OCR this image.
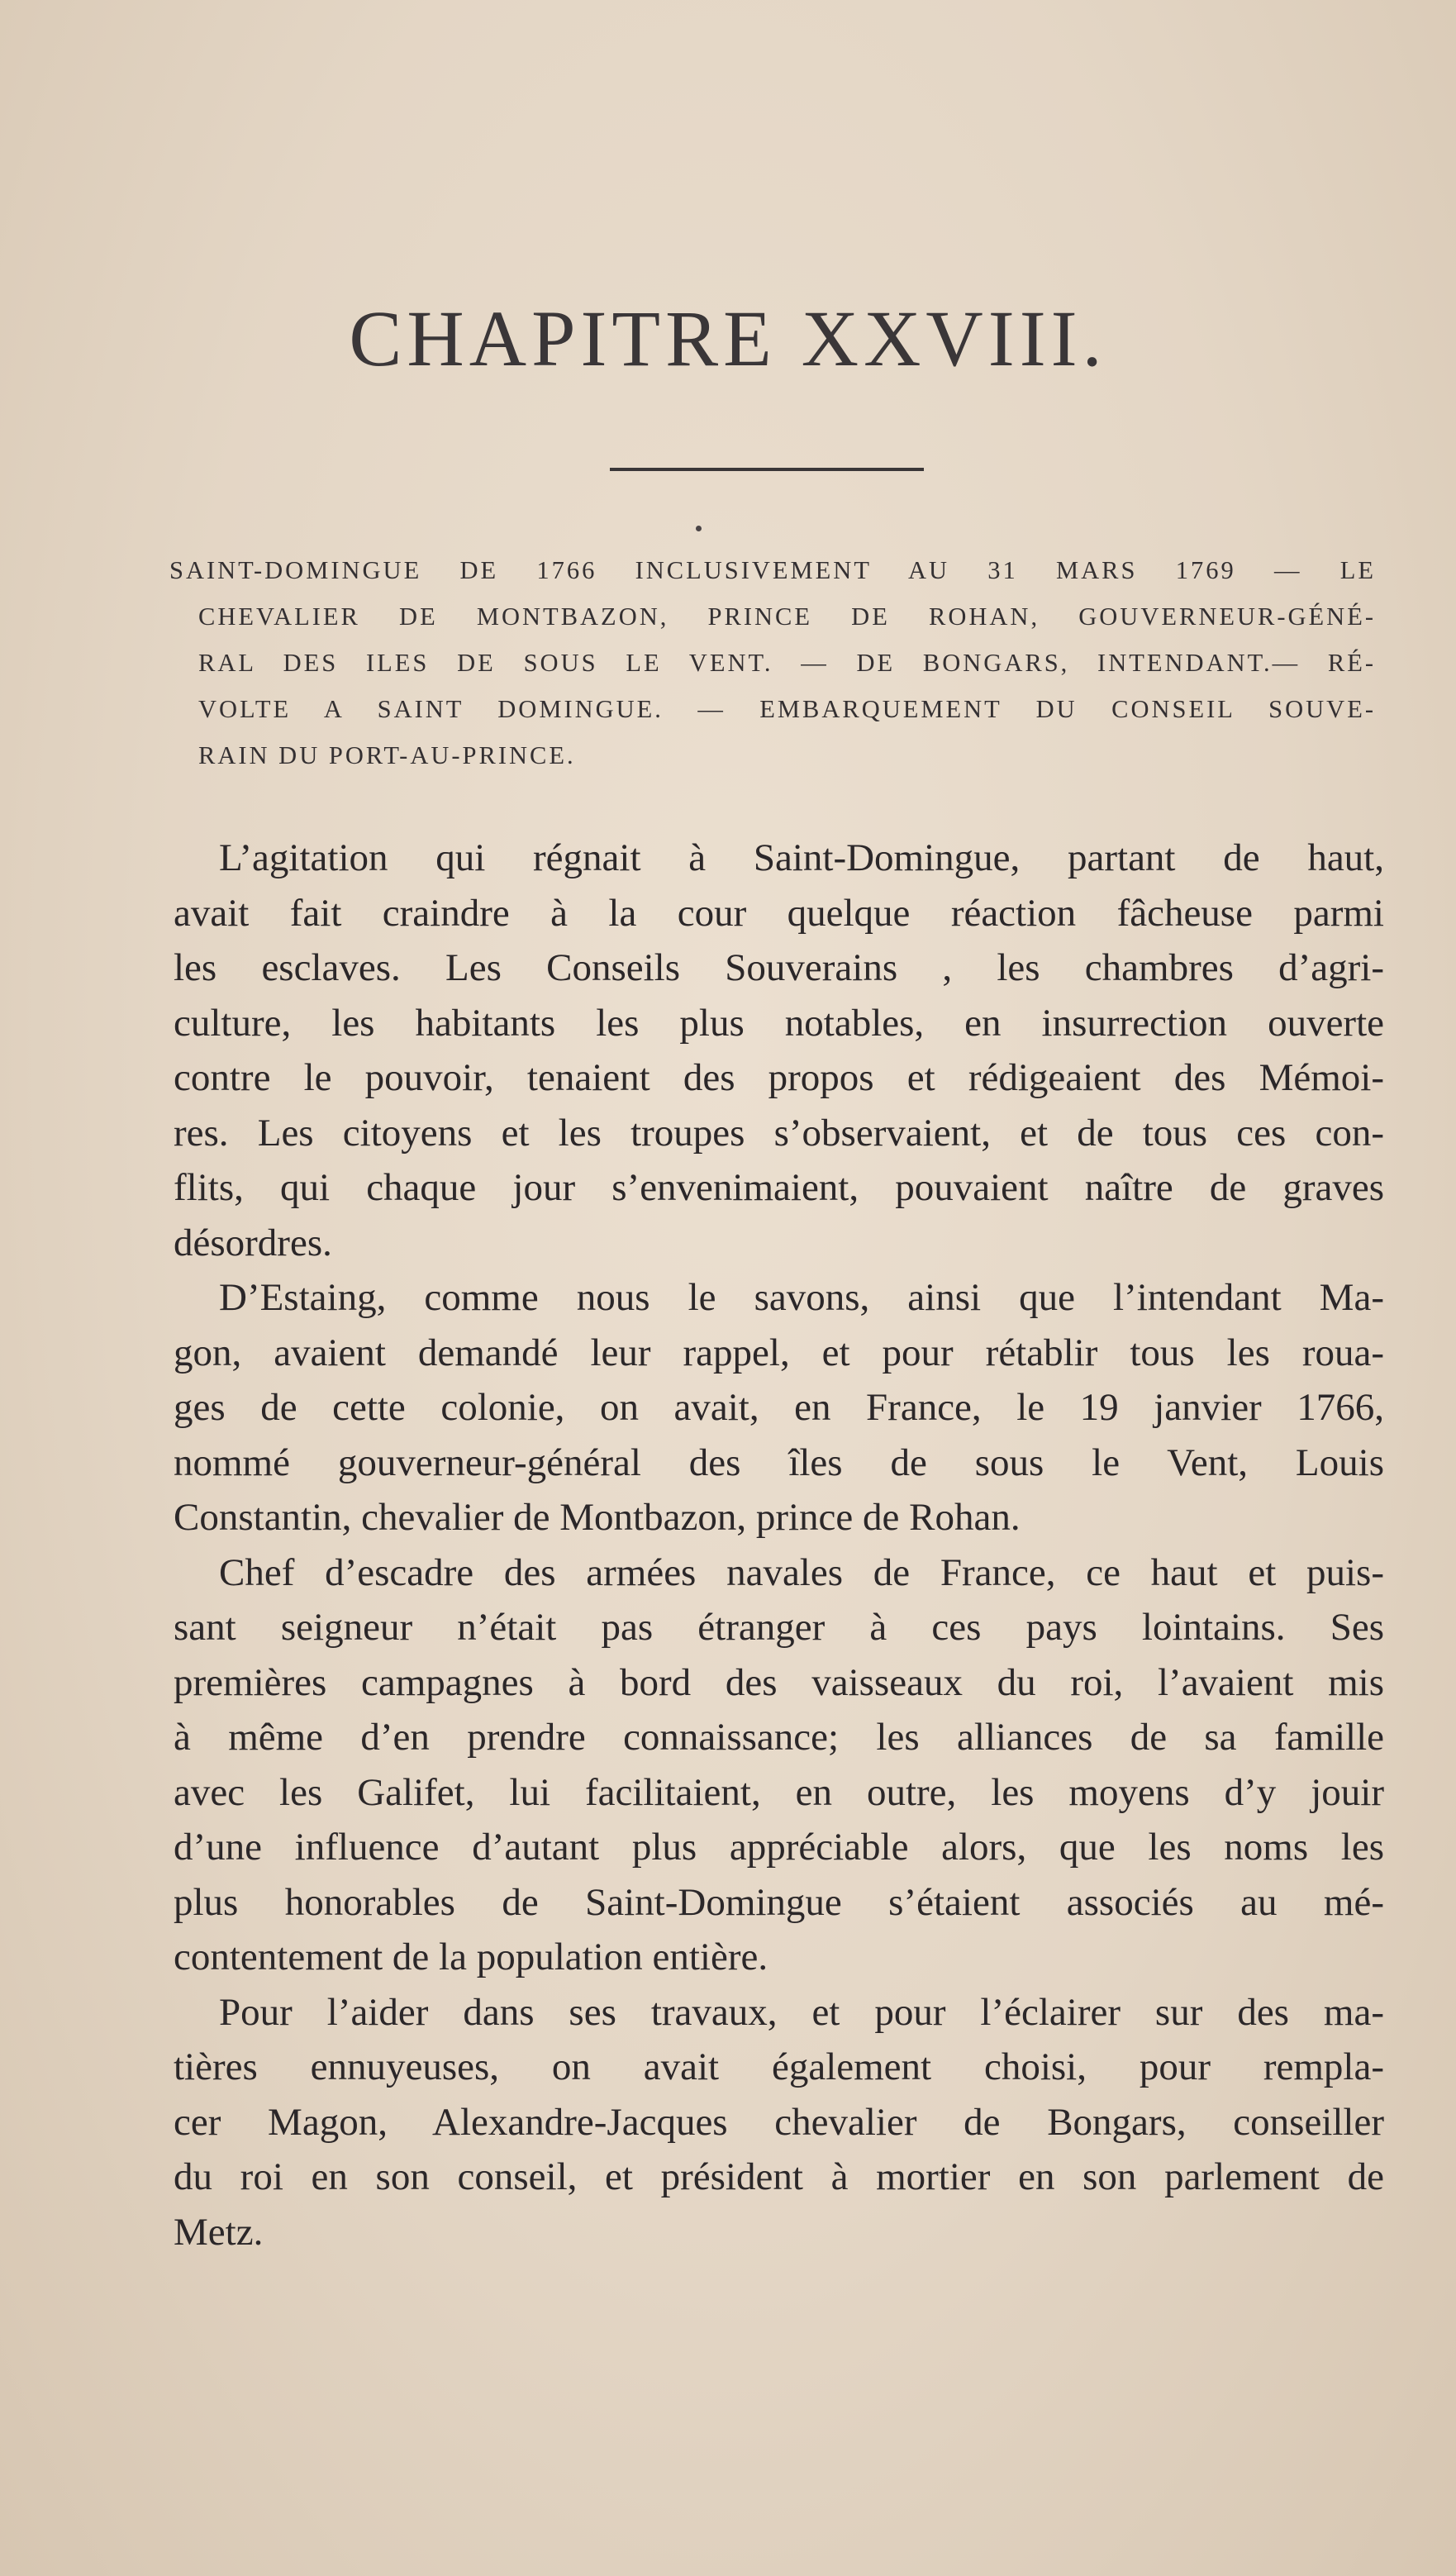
CHAPITRE XXVIII.
SAINT-DOMINGUE DE 1766 INCLUSIVEMENT AU 31 MARS 1769 — LE
CHEVALIER DE MONTBAZON, PRINCE DE ROHAN, GOUVERNEUR-GÉNÉ-
RAL DES ILES DE SOUS LE VENT. — DE BONGARS, INTENDANT.— RÉ-
VOLTE A SAINT DOMINGUE. — EMBARQUEMENT DU CONSEIL SOUVE-
RAIN DU PORT-AU-PRINCE.
L’agitation qui régnait à Saint-Domingue, partant de haut,
avait fait craindre à la cour quelque réaction fâcheuse parmi
les esclaves. Les Conseils Souverains , les chambres d’agri-
culture, les habitants les plus notables, en insurrection ouverte
contre le pouvoir, tenaient des propos et rédigeaient des Mémoi-
res. Les citoyens et les troupes s’observaient, et de tous ces con-
flits, qui chaque jour s’envenimaient, pouvaient naître de graves
désordres.
D’Estaing, comme nous le savons, ainsi que l’intendant Ma-
gon, avaient demandé leur rappel, et pour rétablir tous les roua-
ges de cette colonie, on avait, en France, le 19 janvier 1766,
nommé gouverneur-général des îles de sous le Vent, Louis
Constantin, chevalier de Montbazon, prince de Rohan.
Chef d’escadre des armées navales de France, ce haut et puis-
sant seigneur n’était pas étranger à ces pays lointains. Ses
premières campagnes à bord des vaisseaux du roi, l’avaient mis
à même d’en prendre connaissance; les alliances de sa famille
avec les Galifet, lui facilitaient, en outre, les moyens d’y jouir
d’une influence d’autant plus appréciable alors, que les noms les
plus honorables de Saint-Domingue s’étaient associés au mé-
contentement de la population entière.
Pour l’aider dans ses travaux, et pour l’éclairer sur des ma-
tières ennuyeuses, on avait également choisi, pour rempla-
cer Magon, Alexandre-Jacques chevalier de Bongars, conseiller
du roi en son conseil, et président à mortier en son parlement de
Metz.
